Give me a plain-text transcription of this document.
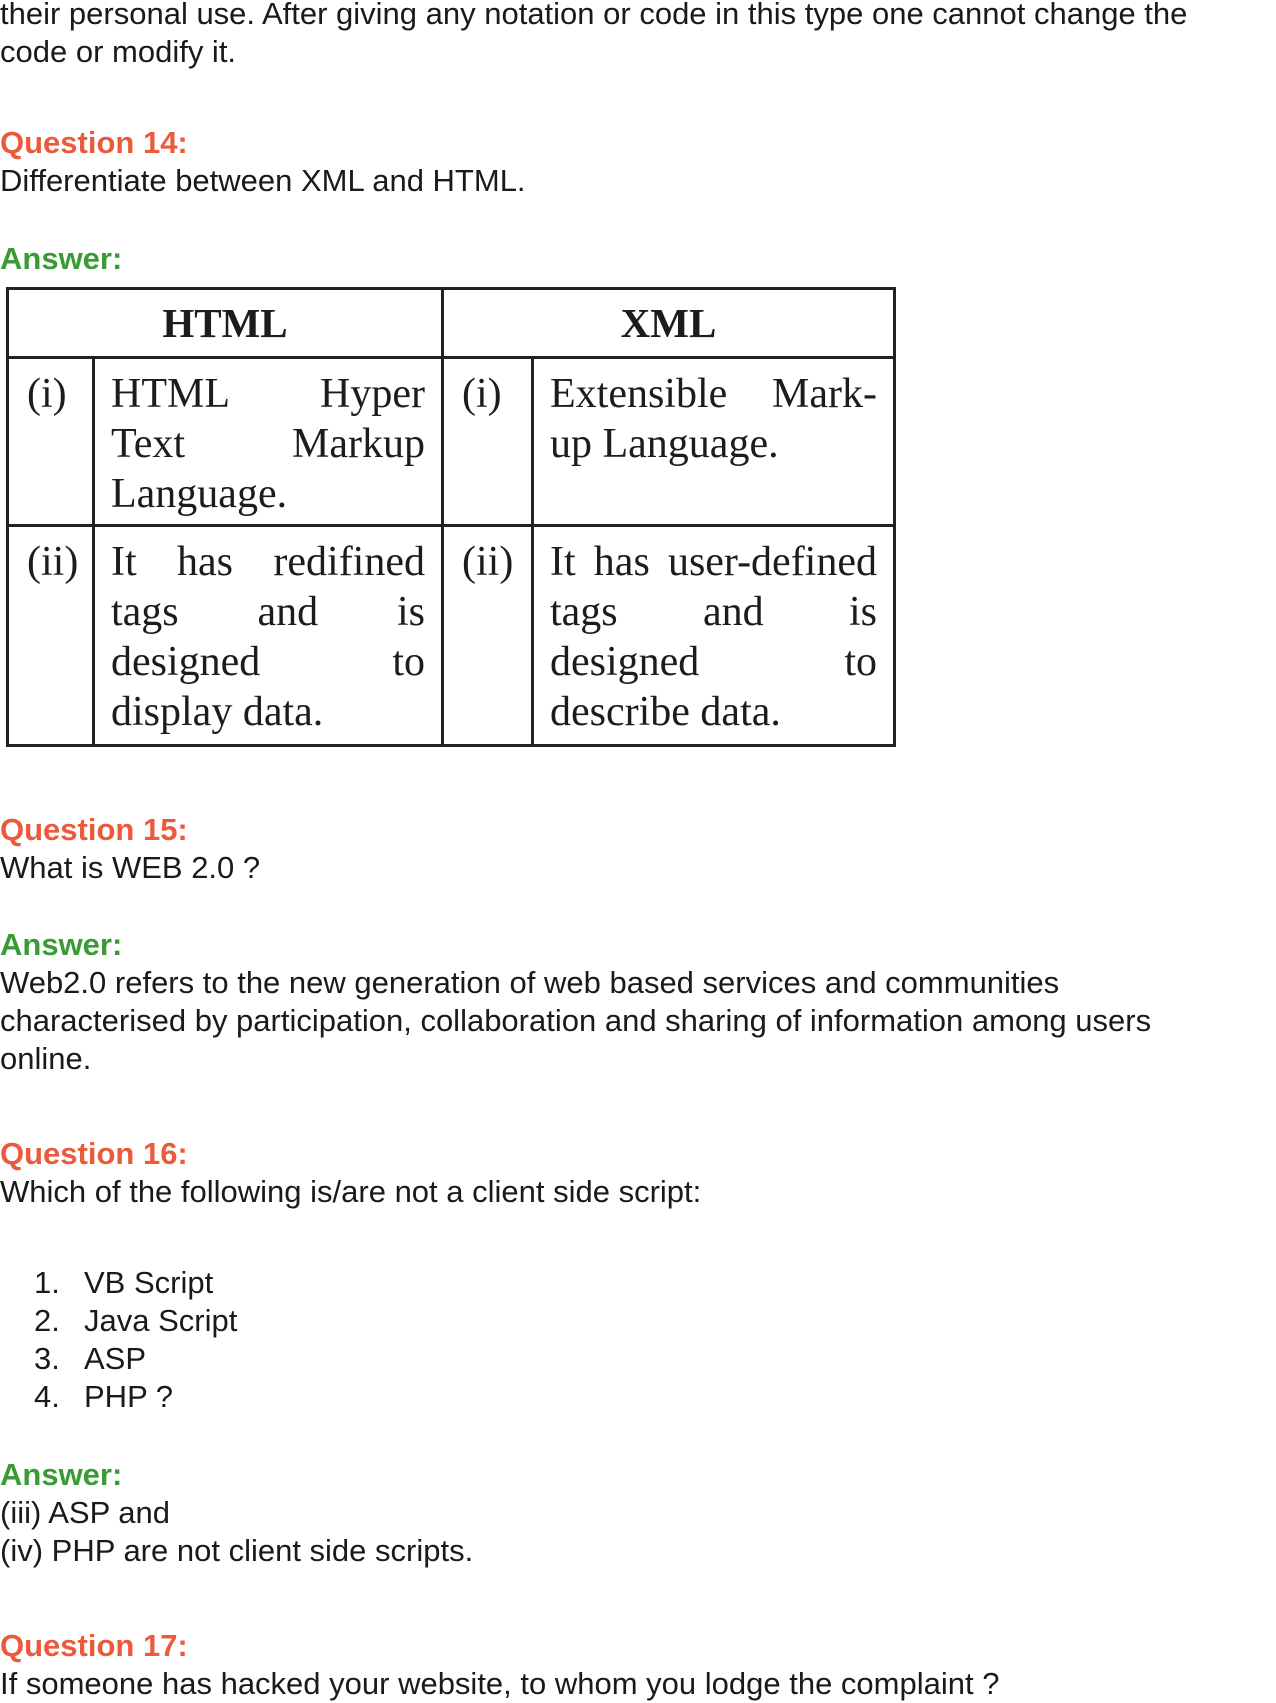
their personal use. After giving any notation or code in this type one cannot change the
code or modify it.
Question 14:
Differentiate between XML and HTML.
Answer:
HTML		XML	
(i)	HTML Hyper Text Markup Language.	(i)	Extensible Mark-up Language.
(ii)	It has redifined tags and is designed to display data.	(ii)	It has user-defined tags and is designed to describe data.
Question 15:
What is WEB 2.0 ?
Answer:
Web2.0 refers to the new generation of web based services and communities
characterised by participation, collaboration and sharing of information among users
online.
Question 16:
Which of the following is/are not a client side script:
1. VB Script
2. Java Script
3. ASP
4. PHP ?
Answer:
(iii) ASP and
(iv) PHP are not client side scripts.
Question 17:
If someone has hacked your website, to whom you lodge the complaint ?
